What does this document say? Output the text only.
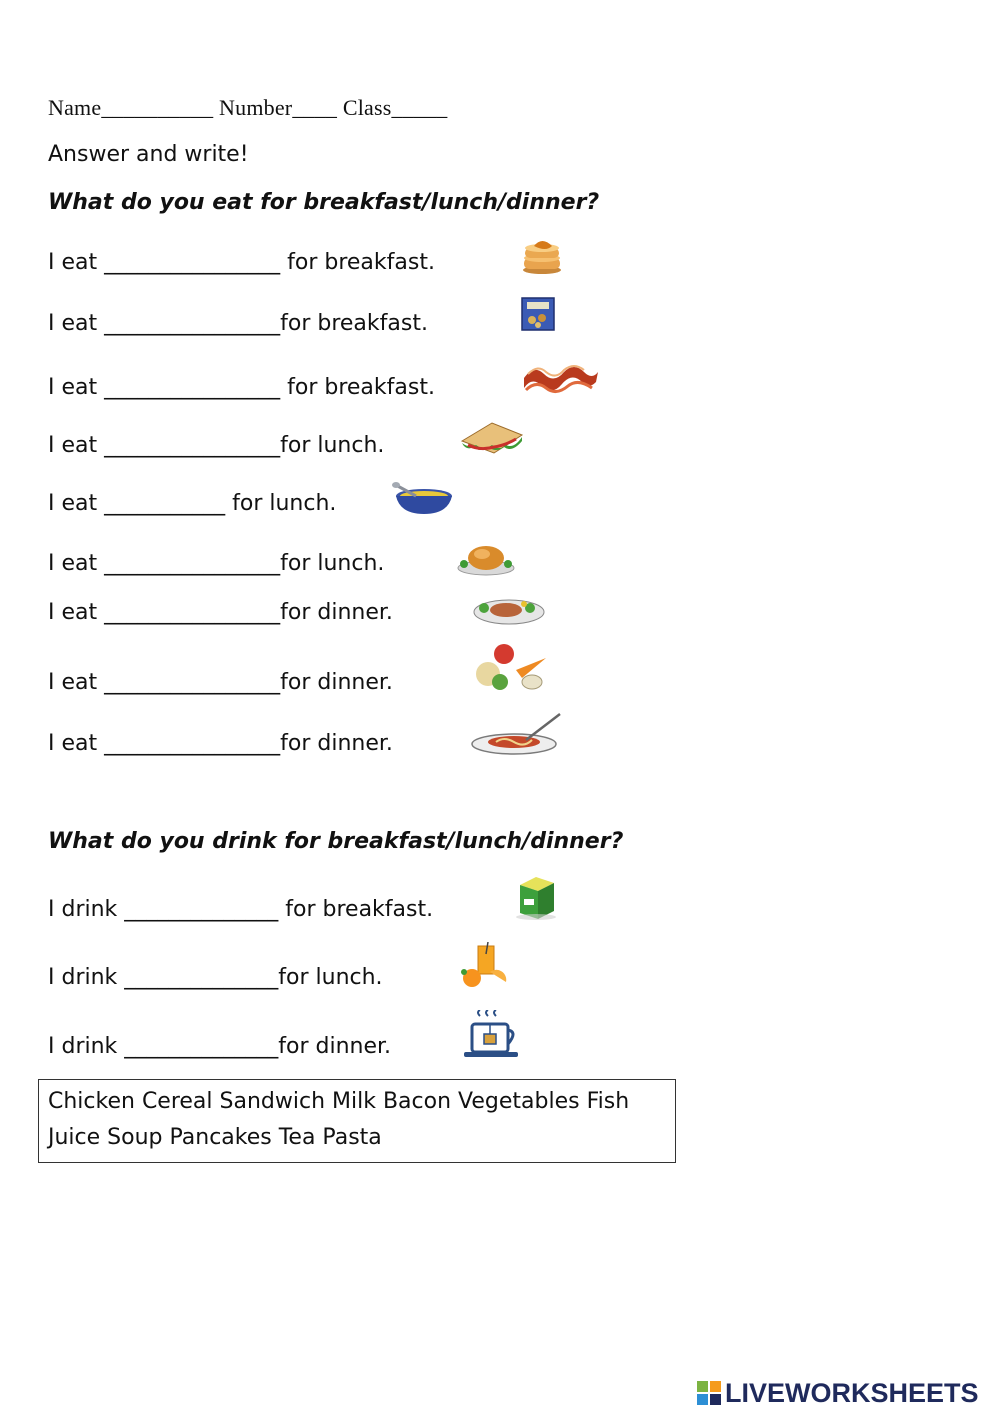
Name__________ Number____ Class_____
Answer and write!
What do you eat for breakfast/lunch/dinner?
I eat ________________ for breakfast.
I eat ________________for breakfast.
I eat ________________ for breakfast.
I eat ________________for lunch.
I eat ___________ for lunch.
I eat ________________for lunch.
I eat ________________for dinner.
I eat ________________for dinner.
I eat ________________for dinner.
What do you drink for breakfast/lunch/dinner?
I drink ______________ for breakfast.
I drink ______________for lunch.
I drink ______________for dinner.
Chicken Cereal Sandwich Milk Bacon Vegetables Fish
Juice Soup Pancakes Tea Pasta
LIVEWORKSHEETS
